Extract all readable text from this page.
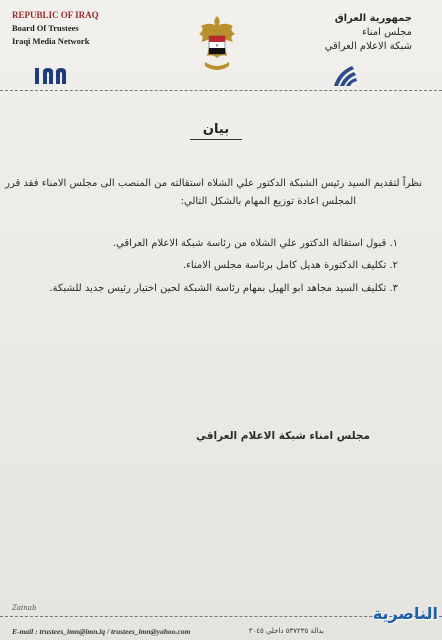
REPUBLIC OF IRAQ
Board Of Trustees
Iraqi Media Network	★
جمهورية العراق
مجلس امناء
شبكة الاعلام العراقي
بيان
نظراً لتقديم السيد رئيس الشبكة الدكتور علي الشلاه استقالته من المنصب الى مجلس الامناء فقد قرر
المجلس اعادة توزيع المهام بالشكل التالي:
١. قبول استقالة الدكتور علي الشلاه من رئاسة شبكة الاعلام العراقي.
٢. تكليف الدكتورة هديل كامل برئاسة مجلس الامناء.
٣. تكليف السيد مجاهد ابو الهيل بمهام رئاسة الشبكة لحين اختيار رئيس جديد للشبكة.
مجلس امناء شبكة الاعلام العراقي
Zainab
E-mail : trustees_imn@imn.iq / trustees_imn@yahoo.com	بدالة ٥٣٧٢٣٥ داخلي ٣٠٤٥
الناصرية
